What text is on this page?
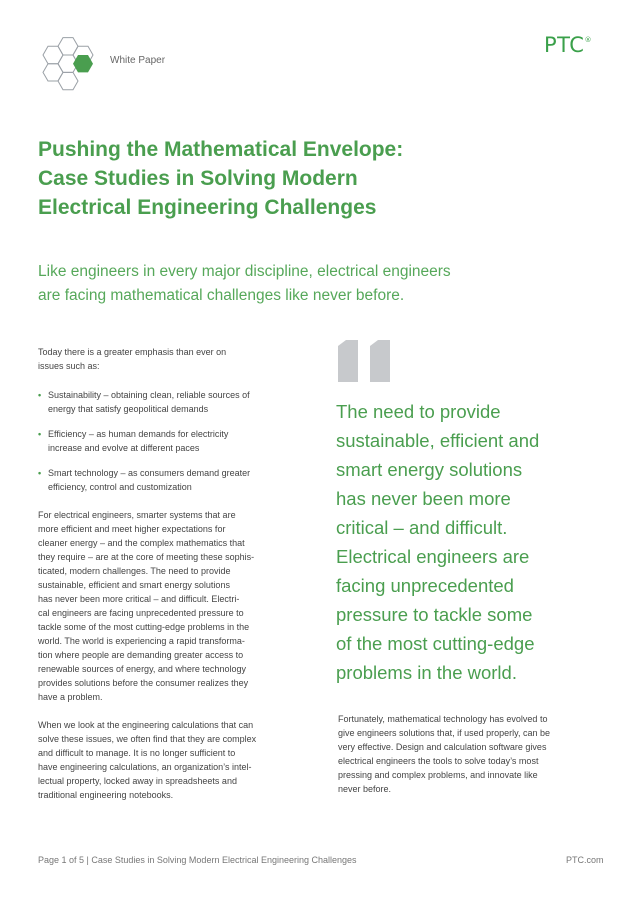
White Paper
PTC®
Pushing the Mathematical Envelope:
Case Studies in Solving Modern
Electrical Engineering Challenges

Like engineers in every major discipline, electrical engineers
are facing mathematical challenges like never before.

Today there is a greater emphasis than ever on
issues such as:

• Sustainability – obtaining clean, reliable sources of
energy that satisfy geopolitical demands
• Efficiency – as human demands for electricity
increase and evolve at different paces
• Smart technology – as consumers demand greater
efficiency, control and customization

For electrical engineers, smarter systems that are
more efficient and meet higher expectations for
cleaner energy – and the complex mathematics that
they require – are at the core of meeting these sophis-
ticated, modern challenges. The need to provide
sustainable, efficient and smart energy solutions
has never been more critical – and difficult. Electri-
cal engineers are facing unprecedented pressure to
tackle some of the most cutting-edge problems in the
world. The world is experiencing a rapid transforma-
tion where people are demanding greater access to
renewable sources of energy, and where technology
provides solutions before the consumer realizes they
have a problem.

When we look at the engineering calculations that can
solve these issues, we often find that they are complex
and difficult to manage. It is no longer sufficient to
have engineering calculations, an organization’s intel-
lectual property, locked away in spreadsheets and
traditional engineering notebooks.

The need to provide
sustainable, efficient and
smart energy solutions
has never been more
critical – and difficult.
Electrical engineers are
facing unprecedented
pressure to tackle some
of the most cutting-edge
problems in the world.

Fortunately, mathematical technology has evolved to
give engineers solutions that, if used properly, can be
very effective. Design and calculation software gives
electrical engineers the tools to solve today’s most
pressing and complex problems, and innovate like
never before.

Page 1 of 5 | Case Studies in Solving Modern Electrical Engineering Challenges	PTC.com
